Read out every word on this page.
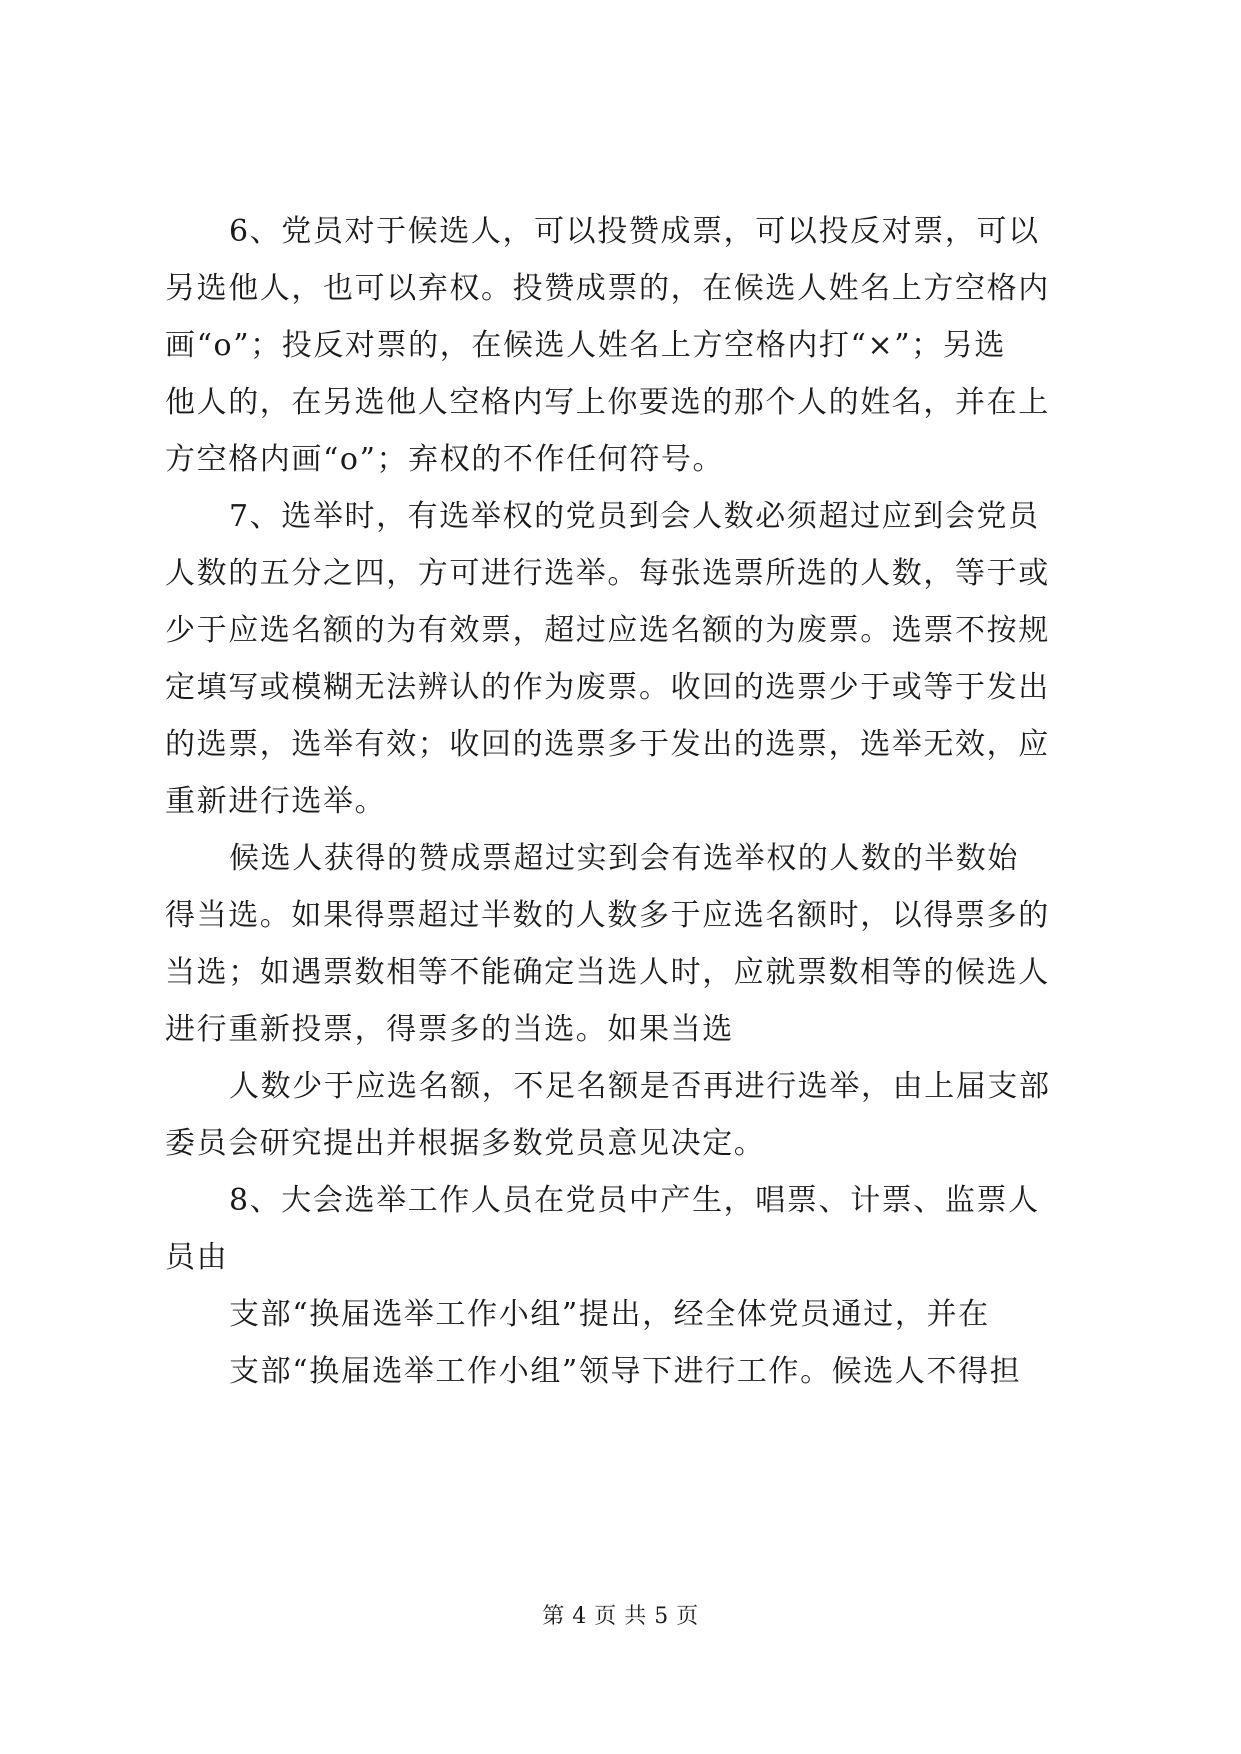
6、党员对于候选人，可以投赞成票，可以投反对票，可以
另选他人，也可以弃权。投赞成票的，在候选人姓名上方空格内
画“o”；投反对票的，在候选人姓名上方空格内打“×”；另选
他人的，在另选他人空格内写上你要选的那个人的姓名，并在上
方空格内画“o”；弃权的不作任何符号。
7、选举时，有选举权的党员到会人数必须超过应到会党员
人数的五分之四，方可进行选举。每张选票所选的人数，等于或
少于应选名额的为有效票，超过应选名额的为废票。选票不按规
定填写或模糊无法辨认的作为废票。收回的选票少于或等于发出
的选票，选举有效；收回的选票多于发出的选票，选举无效，应
重新进行选举。
候选人获得的赞成票超过实到会有选举权的人数的半数始
得当选。如果得票超过半数的人数多于应选名额时，以得票多的
当选；如遇票数相等不能确定当选人时，应就票数相等的候选人
进行重新投票，得票多的当选。如果当选
人数少于应选名额，不足名额是否再进行选举，由上届支部
委员会研究提出并根据多数党员意见决定。
8、大会选举工作人员在党员中产生，唱票、计票、监票人
员由
支部“换届选举工作小组”提出，经全体党员通过，并在
支部“换届选举工作小组”领导下进行工作。候选人不得担
第 4 页 共 5 页
